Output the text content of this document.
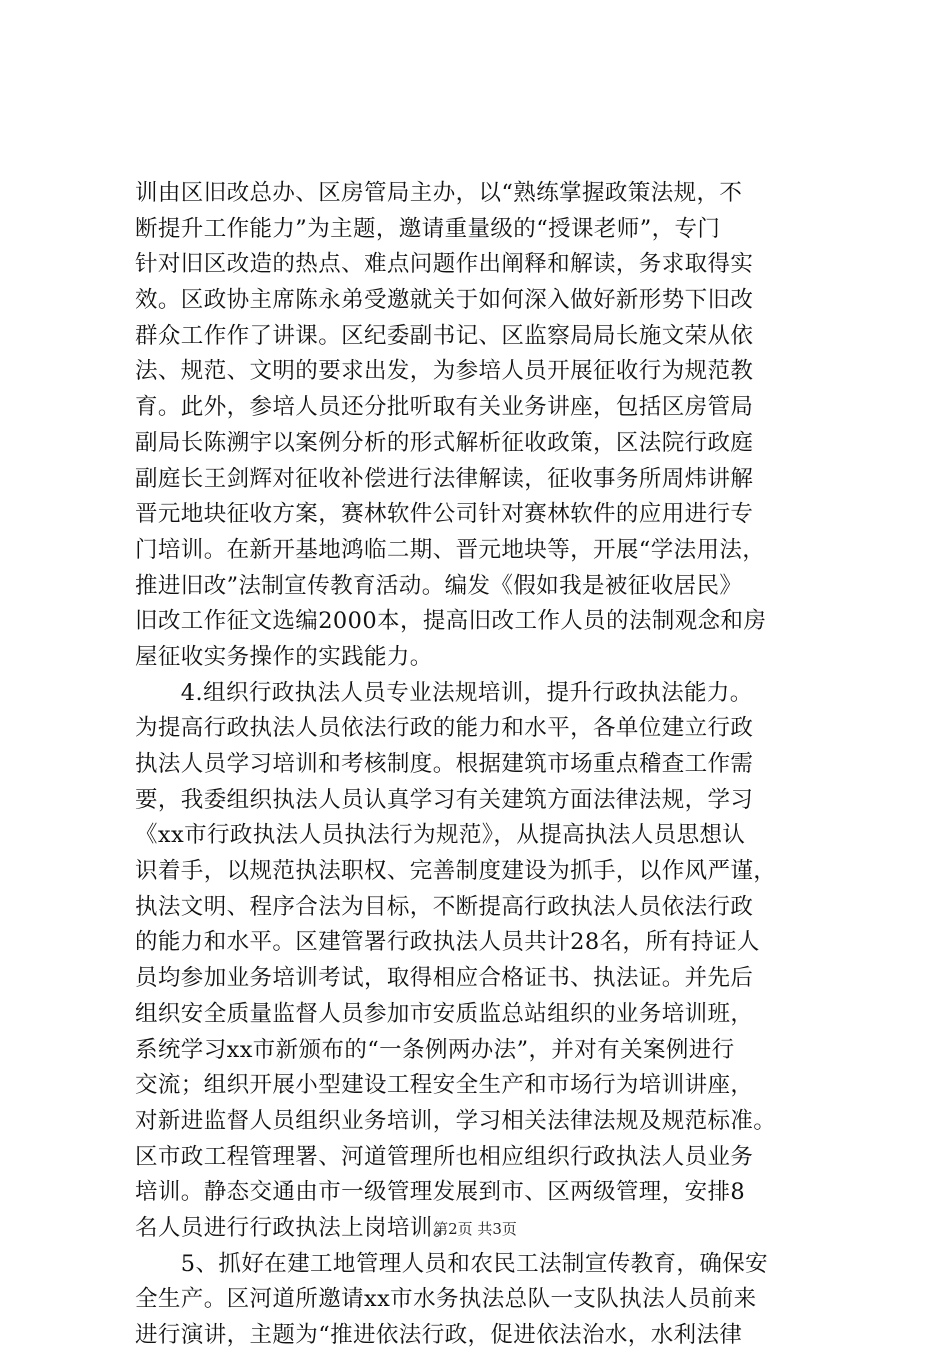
训由区旧改总办、区房管局主办，以“熟练掌握政策法规，不
断提升工作能力”为主题，邀请重量级的“授课老师”，专门
针对旧区改造的热点、难点问题作出阐释和解读，务求取得实
效。区政协主席陈永弟受邀就关于如何深入做好新形势下旧改
群众工作作了讲课。区纪委副书记、区监察局局长施文荣从依
法、规范、文明的要求出发，为参培人员开展征收行为规范教
育。此外，参培人员还分批听取有关业务讲座，包括区房管局
副局长陈溯宇以案例分析的形式解析征收政策，区法院行政庭
副庭长王剑辉对征收补偿进行法律解读，征收事务所周炜讲解
晋元地块征收方案，赛林软件公司针对赛林软件的应用进行专
门培训。在新开基地鸿临二期、晋元地块等，开展“学法用法，
推进旧改”法制宣传教育活动。编发《假如我是被征收居民》
旧改工作征文选编2000本，提高旧改工作人员的法制观念和房
屋征收实务操作的实践能力。
　　4.组织行政执法人员专业法规培训，提升行政执法能力。
为提高行政执法人员依法行政的能力和水平，各单位建立行政
执法人员学习培训和考核制度。根据建筑市场重点稽查工作需
要，我委组织执法人员认真学习有关建筑方面法律法规，学习
《xx市行政执法人员执法行为规范》，从提高执法人员思想认
识着手，以规范执法职权、完善制度建设为抓手，以作风严谨，
执法文明、程序合法为目标，不断提高行政执法人员依法行政
的能力和水平。区建管署行政执法人员共计28名，所有持证人
员均参加业务培训考试，取得相应合格证书、执法证。并先后
组织安全质量监督人员参加市安质监总站组织的业务培训班，
系统学习xx市新颁布的“一条例两办法”，并对有关案例进行
交流；组织开展小型建设工程安全生产和市场行为培训讲座，
对新进监督人员组织业务培训，学习相关法律法规及规范标准。
区市政工程管理署、河道管理所也相应组织行政执法人员业务
培训。静态交通由市一级管理发展到市、区两级管理，安排8
名人员进行行政执法上岗培训。
　　5、抓好在建工地管理人员和农民工法制宣传教育，确保安
全生产。区河道所邀请xx市水务执法总队一支队执法人员前来
进行演讲，主题为“推进依法行政，促进依法治水，水利法律
第2页 共3页
